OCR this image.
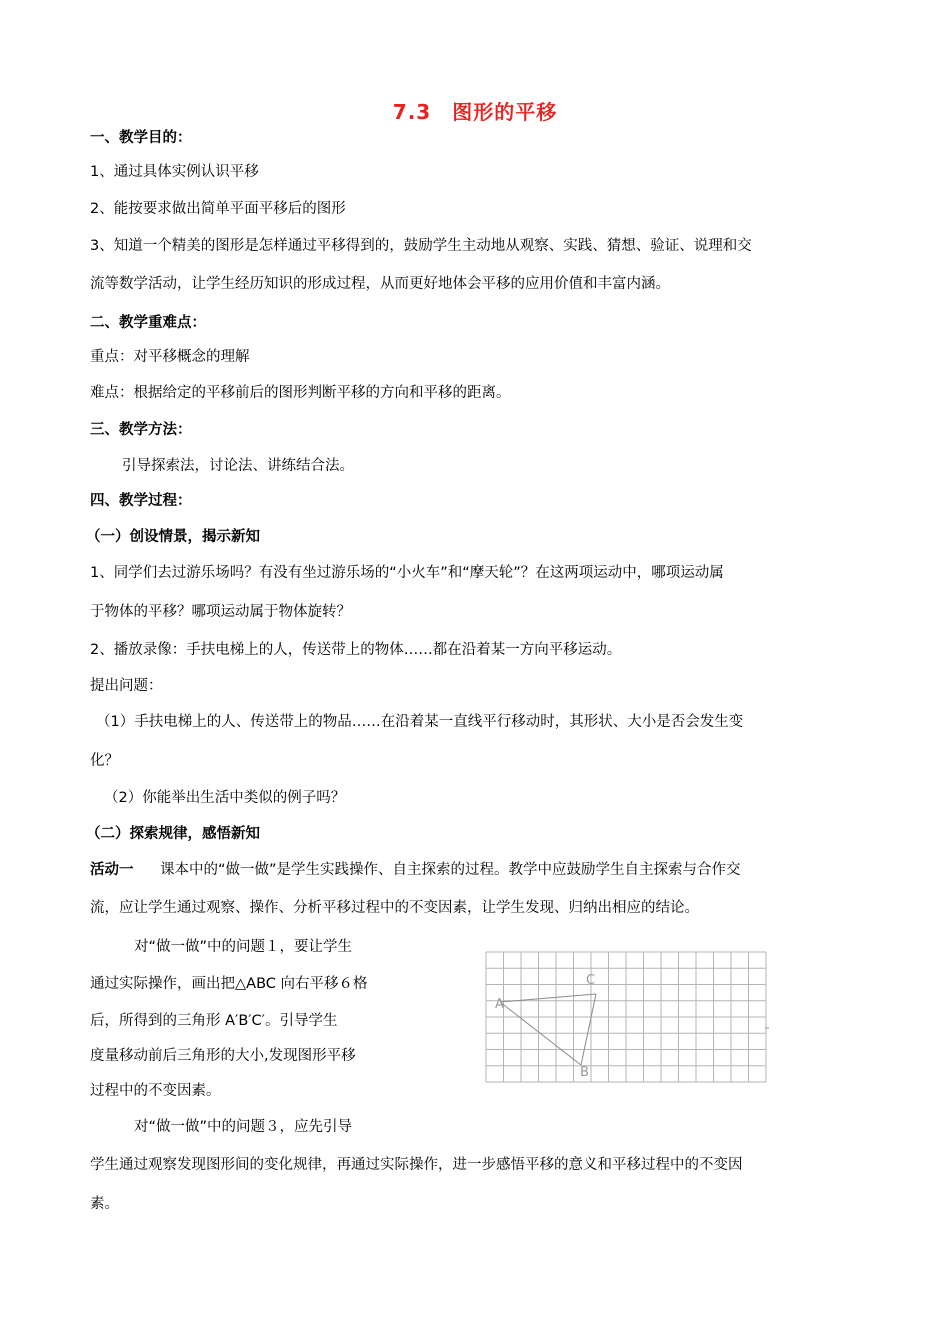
7.3　图形的平移
一、教学目的：
1、通过具体实例认识平移
2、能按要求做出简单平面平移后的图形
3、知道一个精美的图形是怎样通过平移得到的，鼓励学生主动地从观察、实践、猜想、验证、说理和交
流等数学活动，让学生经历知识的形成过程，从而更好地体会平移的应用价值和丰富内涵。
二、教学重难点：
重点：对平移概念的理解
难点：根据给定的平移前后的图形判断平移的方向和平移的距离。
三、教学方法：
引导探索法，讨论法、讲练结合法。
四、教学过程：
（一）创设情景，揭示新知
1、同学们去过游乐场吗？有没有坐过游乐场的“小火车”和“摩天轮”？在这两项运动中，哪项运动属
于物体的平移？哪项运动属于物体旋转？
2、播放录像：手扶电梯上的人，传送带上的物体……都在沿着某一方向平移运动。
提出问题：
（1）手扶电梯上的人、传送带上的物品……在沿着某一直线平行移动时，其形状、大小是否会发生变
化？
（2）你能举出生活中类似的例子吗？
（二）探索规律，感悟新知
活动一 课本中的“做一做”是学生实践操作、自主探索的过程。教学中应鼓励学生自主探索与合作交
流，应让学生通过观察、操作、分析平移过程中的不变因素，让学生发现、归纳出相应的结论。
对“做一做”中的问题１，要让学生
通过实际操作，画出把△ABC 向右平移６格
后，所得到的三角形 A′B′C′。引导学生
度量移动前后三角形的大小,发现图形平移
过程中的不变因素。
对“做一做”中的问题３，应先引导
学生通过观察发现图形间的变化规律，再通过实际操作，进一步感悟平移的意义和平移过程中的不变因
素。
A
B
C
